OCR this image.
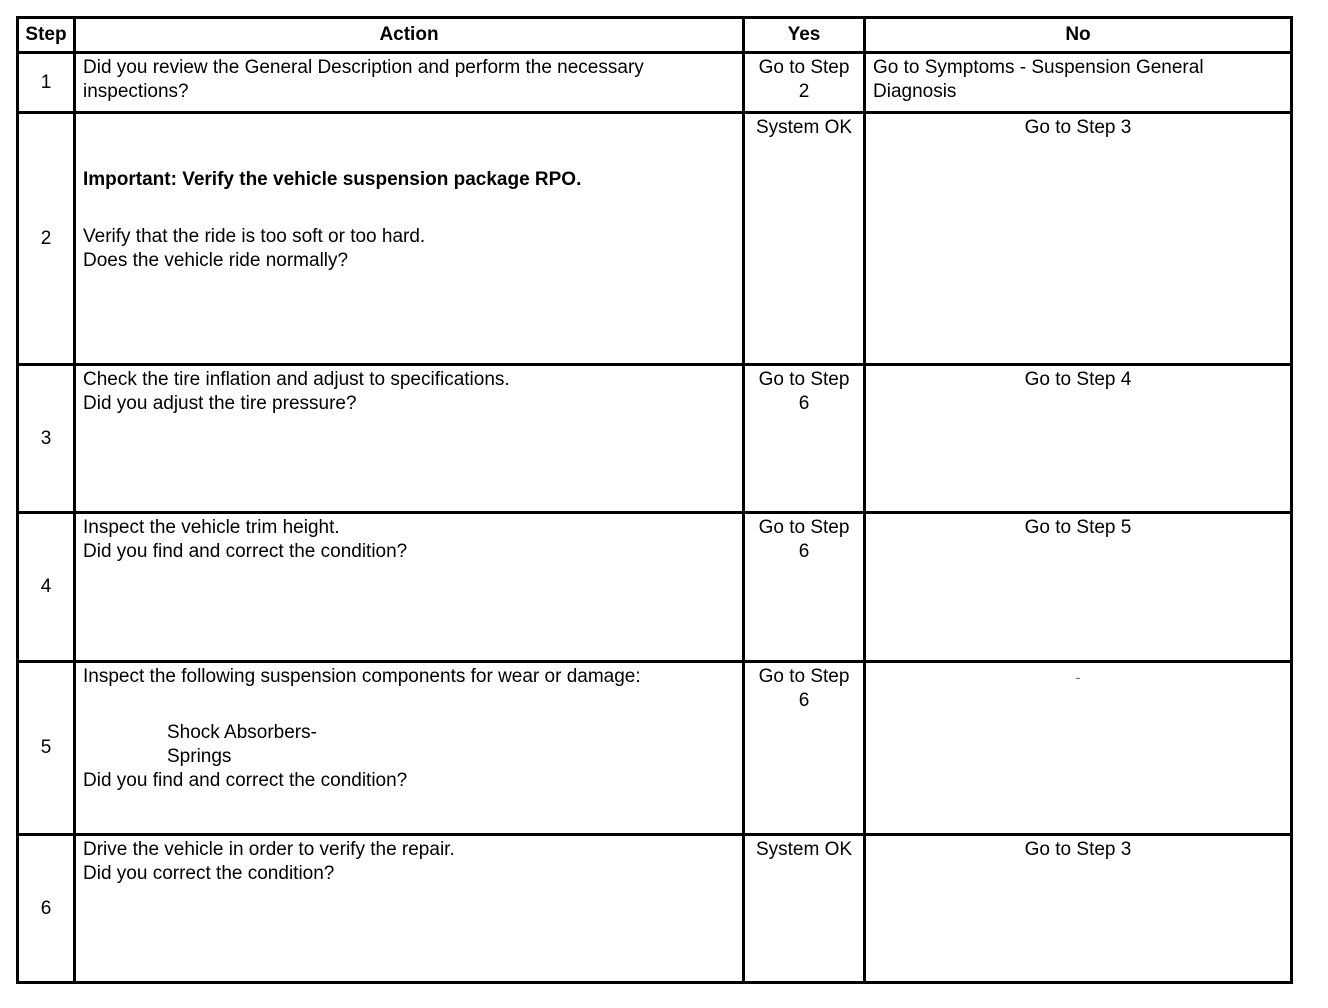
Step	Action	Yes	No
1	Did you review the General Description and perform the necessary inspections?	Go to Step 2	Go to Symptoms - Suspension General Diagnosis

2	Important: Verify the vehicle suspension package RPO.
Verify that the ride is too soft or too hard.
Does the vehicle ride normally?	System OK	Go to Step 3

3	Check the tire inflation and adjust to specifications.
Did you adjust the tire pressure?	Go to Step 6	Go to Step 4

4	Inspect the vehicle trim height.
Did you find and correct the condition?	Go to Step 6	Go to Step 5

5	Inspect the following suspension components for wear or damage:
Shock Absorbers-
Springs
Did you find and correct the condition?	Go to Step 6	-

6	Drive the vehicle in order to verify the repair.
Did you correct the condition?	System OK	Go to Step 3
